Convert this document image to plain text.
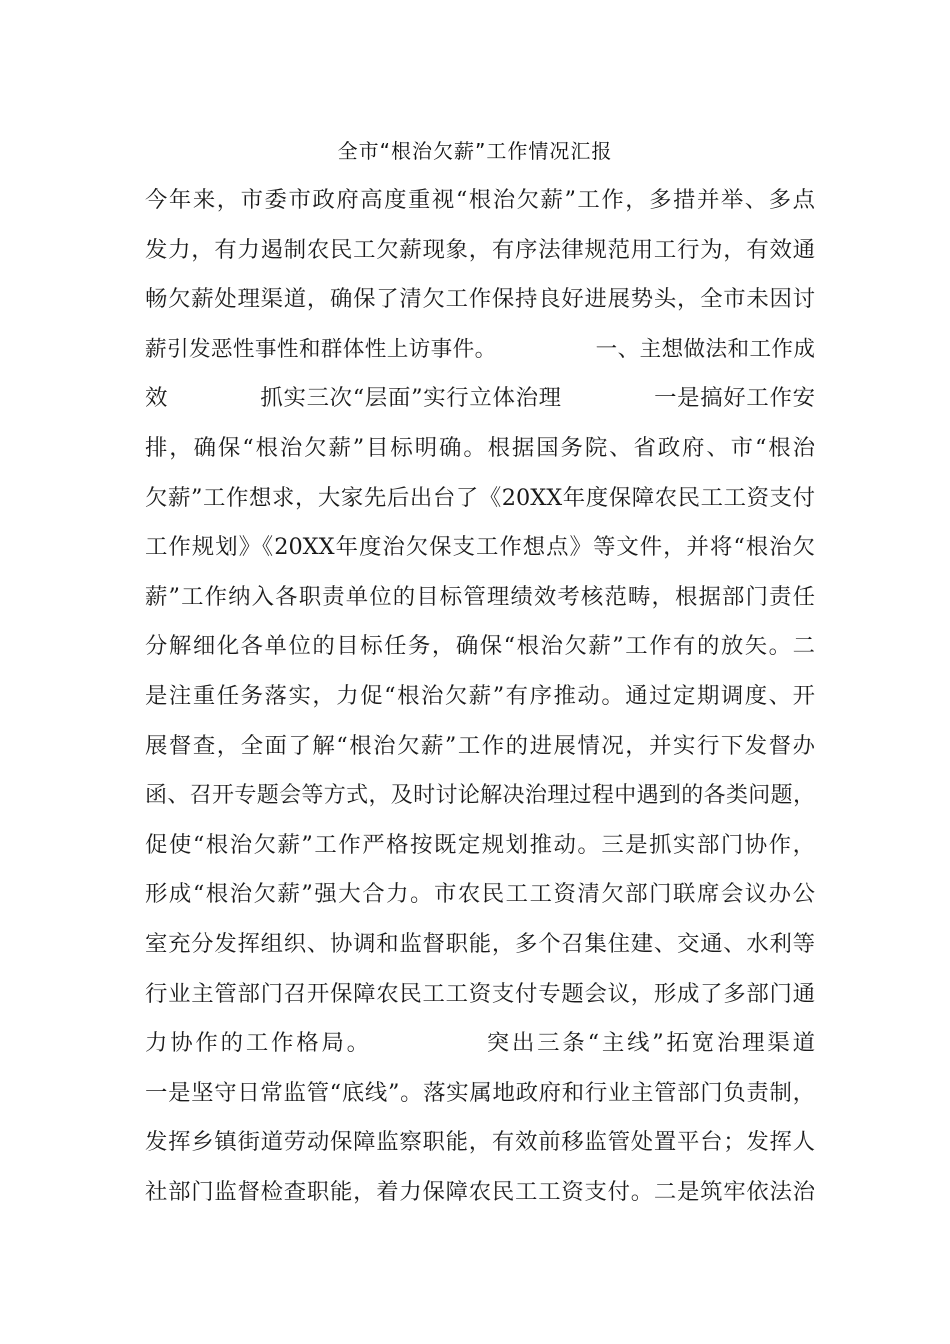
全市“根治欠薪”工作情况汇报
今年来，市委市政府高度重视“根治欠薪”工作，多措并举、多点
发力，有力遏制农民工欠薪现象，有序法律规范用工行为，有效通
畅欠薪处理渠道，确保了清欠工作保持良好进展势头，全市未因讨
薪引发恶性事性和群体性上访事件。　　　　　一、主想做法和工作成
效　　　　抓实三次“层面”实行立体治理　　　　一是搞好工作安
排，确保“根治欠薪”目标明确。根据国务院、省政府、市“根治
欠薪”工作想求，大家先后出台了《20XX年度保障农民工工资支付
工作规划》《20XX年度治欠保支工作想点》等文件，并将“根治欠
薪”工作纳入各职责单位的目标管理绩效考核范畴，根据部门责任
分解细化各单位的目标任务，确保“根治欠薪”工作有的放矢。二
是注重任务落实，力促“根治欠薪”有序推动。通过定期调度、开
展督查，全面了解“根治欠薪”工作的进展情况，并实行下发督办
函、召开专题会等方式，及时讨论解决治理过程中遇到的各类问题，
促使“根治欠薪”工作严格按既定规划推动。三是抓实部门协作，
形成“根治欠薪”强大合力。市农民工工资清欠部门联席会议办公
室充分发挥组织、协调和监督职能，多个召集住建、交通、水利等
行业主管部门召开保障农民工工资支付专题会议，形成了多部门通
力协作的工作格局。　　　　　突出三条“主线”拓宽治理渠道
一是坚守日常监管“底线”。落实属地政府和行业主管部门负责制，
发挥乡镇街道劳动保障监察职能，有效前移监管处置平台；发挥人
社部门监督检查职能，着力保障农民工工资支付。二是筑牢依法治
